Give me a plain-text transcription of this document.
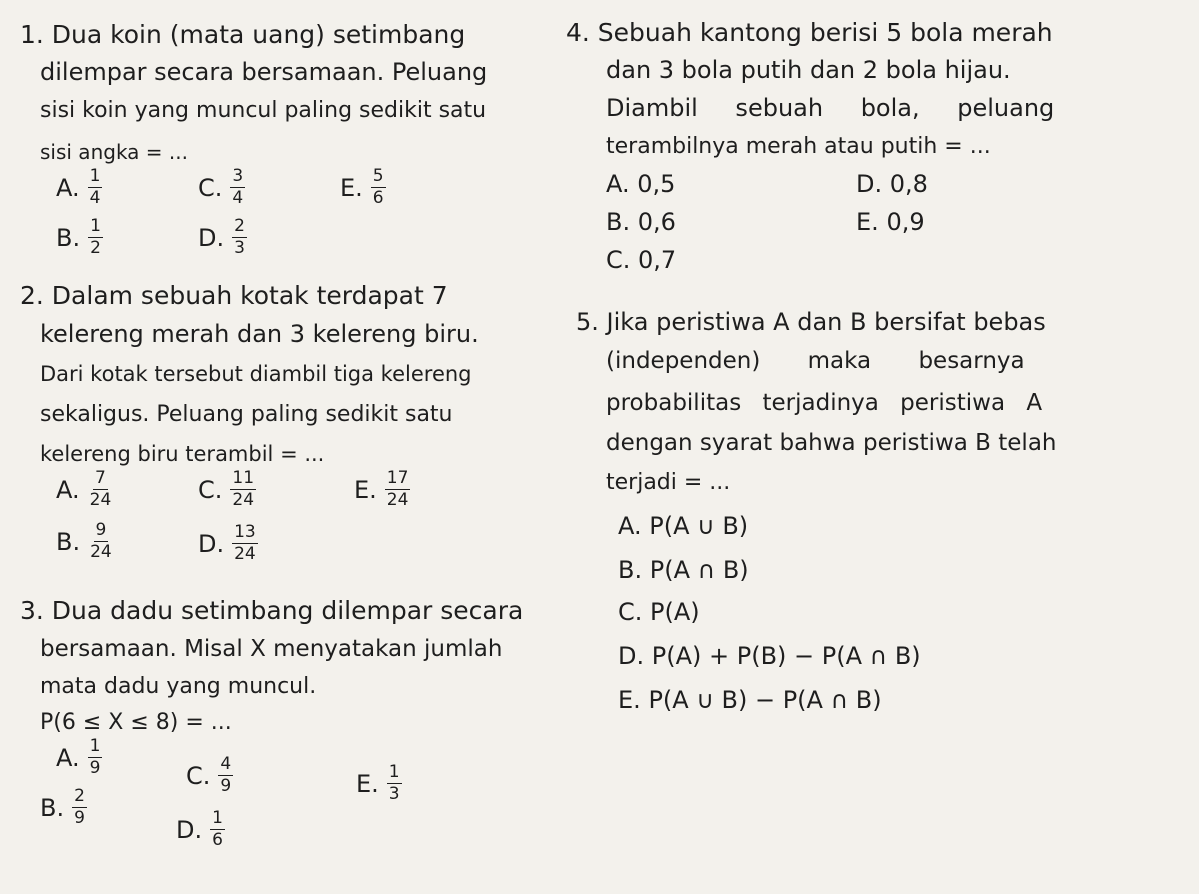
1. Dua koin (mata uang) setimbang
dilempar secara bersamaan. Peluang
sisi koin yang muncul paling sedikit satu
sisi angka = ...
A. $\frac{1}{4}$
B. $\frac{1}{2}$
C. $\frac{3}{4}$
D. $\frac{2}{3}$
E. $\frac{5}{6}$
2. Dalam sebuah kotak terdapat 7
kelereng merah dan 3 kelereng biru.
Dari kotak tersebut diambil tiga kelereng
sekaligus. Peluang paling sedikit satu
kelereng biru terambil = ...
A. $\frac{7}{24}$
B. $\frac{9}{24}$
C. $\frac{11}{24}$
D. $\frac{13}{24}$
E. $\frac{17}{24}$
3. Dua dadu setimbang dilempar secara
bersamaan. Misal X menyatakan jumlah
mata dadu yang muncul.
P(6 ≤ X ≤ 8) = ...
A. $\frac{1}{9}$
B. $\frac{2}{9}$
C. $\frac{4}{9}$
D. $\frac{1}{6}$
E. $\frac{1}{3}$
4. Sebuah kantong berisi 5 bola merah
dan 3 bola putih dan 2 bola hijau.
Diambil sebuah bola, peluang
terambilnya merah atau putih = ...
A.
0,5
B.
0,6
C.
0,7
D.
0,8
E.
0,9
5. Jika peristiwa A dan B bersifat bebas
(independen) maka besarnya
probabilitas terjadinya peristiwa A
dengan syarat bahwa peristiwa B telah
terjadi = ...
A.
P(A ∪ B)
B.
P(A ∩ B)
C.
P(A)
D.
P(A) + P(B) − P(A ∩ B)
E.
P(A ∪ B) − P(A ∩ B)
